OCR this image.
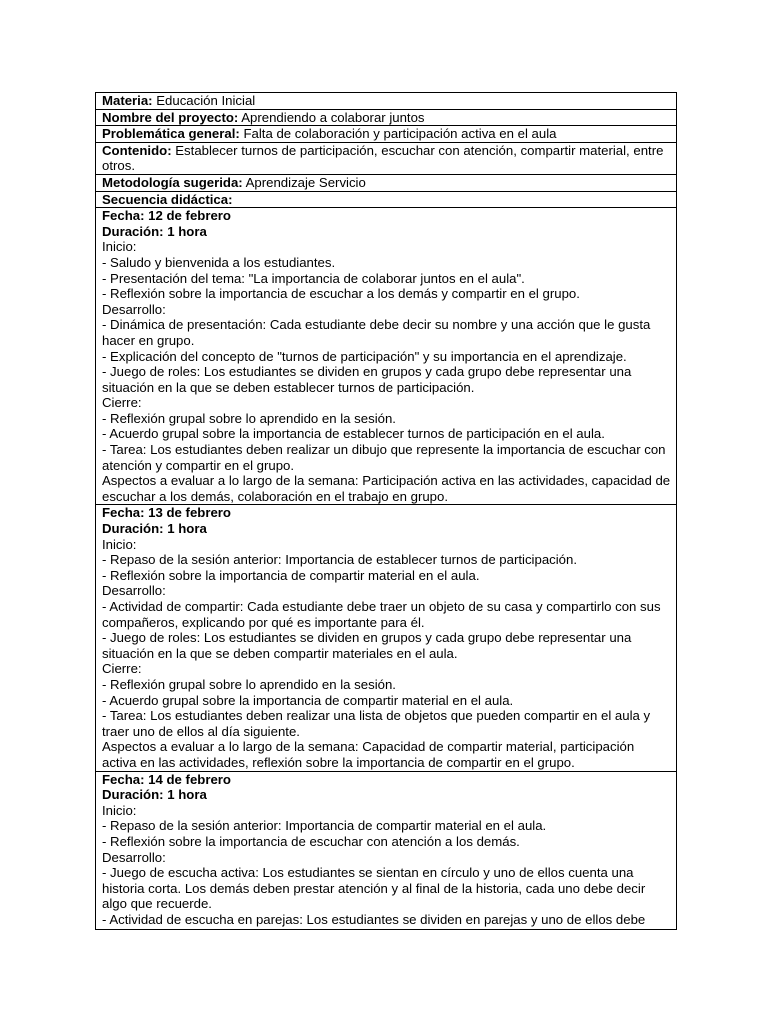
Materia: Educación Inicial
Nombre del proyecto: Aprendiendo a colaborar juntos
Problemática general: Falta de colaboración y participación activa en el aula
Contenido: Establecer turnos de participación, escuchar con atención, compartir material, entre otros.
Metodología sugerida: Aprendizaje Servicio
Secuencia didáctica:
Fecha: 12 de febrero
Duración: 1 hora
Inicio:
- Saludo y bienvenida a los estudiantes.
- Presentación del tema: "La importancia de colaborar juntos en el aula".
- Reflexión sobre la importancia de escuchar a los demás y compartir en el grupo.
Desarrollo:
- Dinámica de presentación: Cada estudiante debe decir su nombre y una acción que le gusta hacer en grupo.
- Explicación del concepto de "turnos de participación" y su importancia en el aprendizaje.
- Juego de roles: Los estudiantes se dividen en grupos y cada grupo debe representar una situación en la que se deben establecer turnos de participación.
Cierre:
- Reflexión grupal sobre lo aprendido en la sesión.
- Acuerdo grupal sobre la importancia de establecer turnos de participación en el aula.
- Tarea: Los estudiantes deben realizar un dibujo que represente la importancia de escuchar con atención y compartir en el grupo.
Aspectos a evaluar a lo largo de la semana: Participación activa en las actividades, capacidad de escuchar a los demás, colaboración en el trabajo en grupo.
Fecha: 13 de febrero
Duración: 1 hora
Inicio:
- Repaso de la sesión anterior: Importancia de establecer turnos de participación.
- Reflexión sobre la importancia de compartir material en el aula.
Desarrollo:
- Actividad de compartir: Cada estudiante debe traer un objeto de su casa y compartirlo con sus compañeros, explicando por qué es importante para él.
- Juego de roles: Los estudiantes se dividen en grupos y cada grupo debe representar una situación en la que se deben compartir materiales en el aula.
Cierre:
- Reflexión grupal sobre lo aprendido en la sesión.
- Acuerdo grupal sobre la importancia de compartir material en el aula.
- Tarea: Los estudiantes deben realizar una lista de objetos que pueden compartir en el aula y traer uno de ellos al día siguiente.
Aspectos a evaluar a lo largo de la semana: Capacidad de compartir material, participación activa en las actividades, reflexión sobre la importancia de compartir en el grupo.
Fecha: 14 de febrero
Duración: 1 hora
Inicio:
- Repaso de la sesión anterior: Importancia de compartir material en el aula.
- Reflexión sobre la importancia de escuchar con atención a los demás.
Desarrollo:
- Juego de escucha activa: Los estudiantes se sientan en círculo y uno de ellos cuenta una historia corta. Los demás deben prestar atención y al final de la historia, cada uno debe decir algo que recuerde.
- Actividad de escucha en parejas: Los estudiantes se dividen en parejas y uno de ellos debe
